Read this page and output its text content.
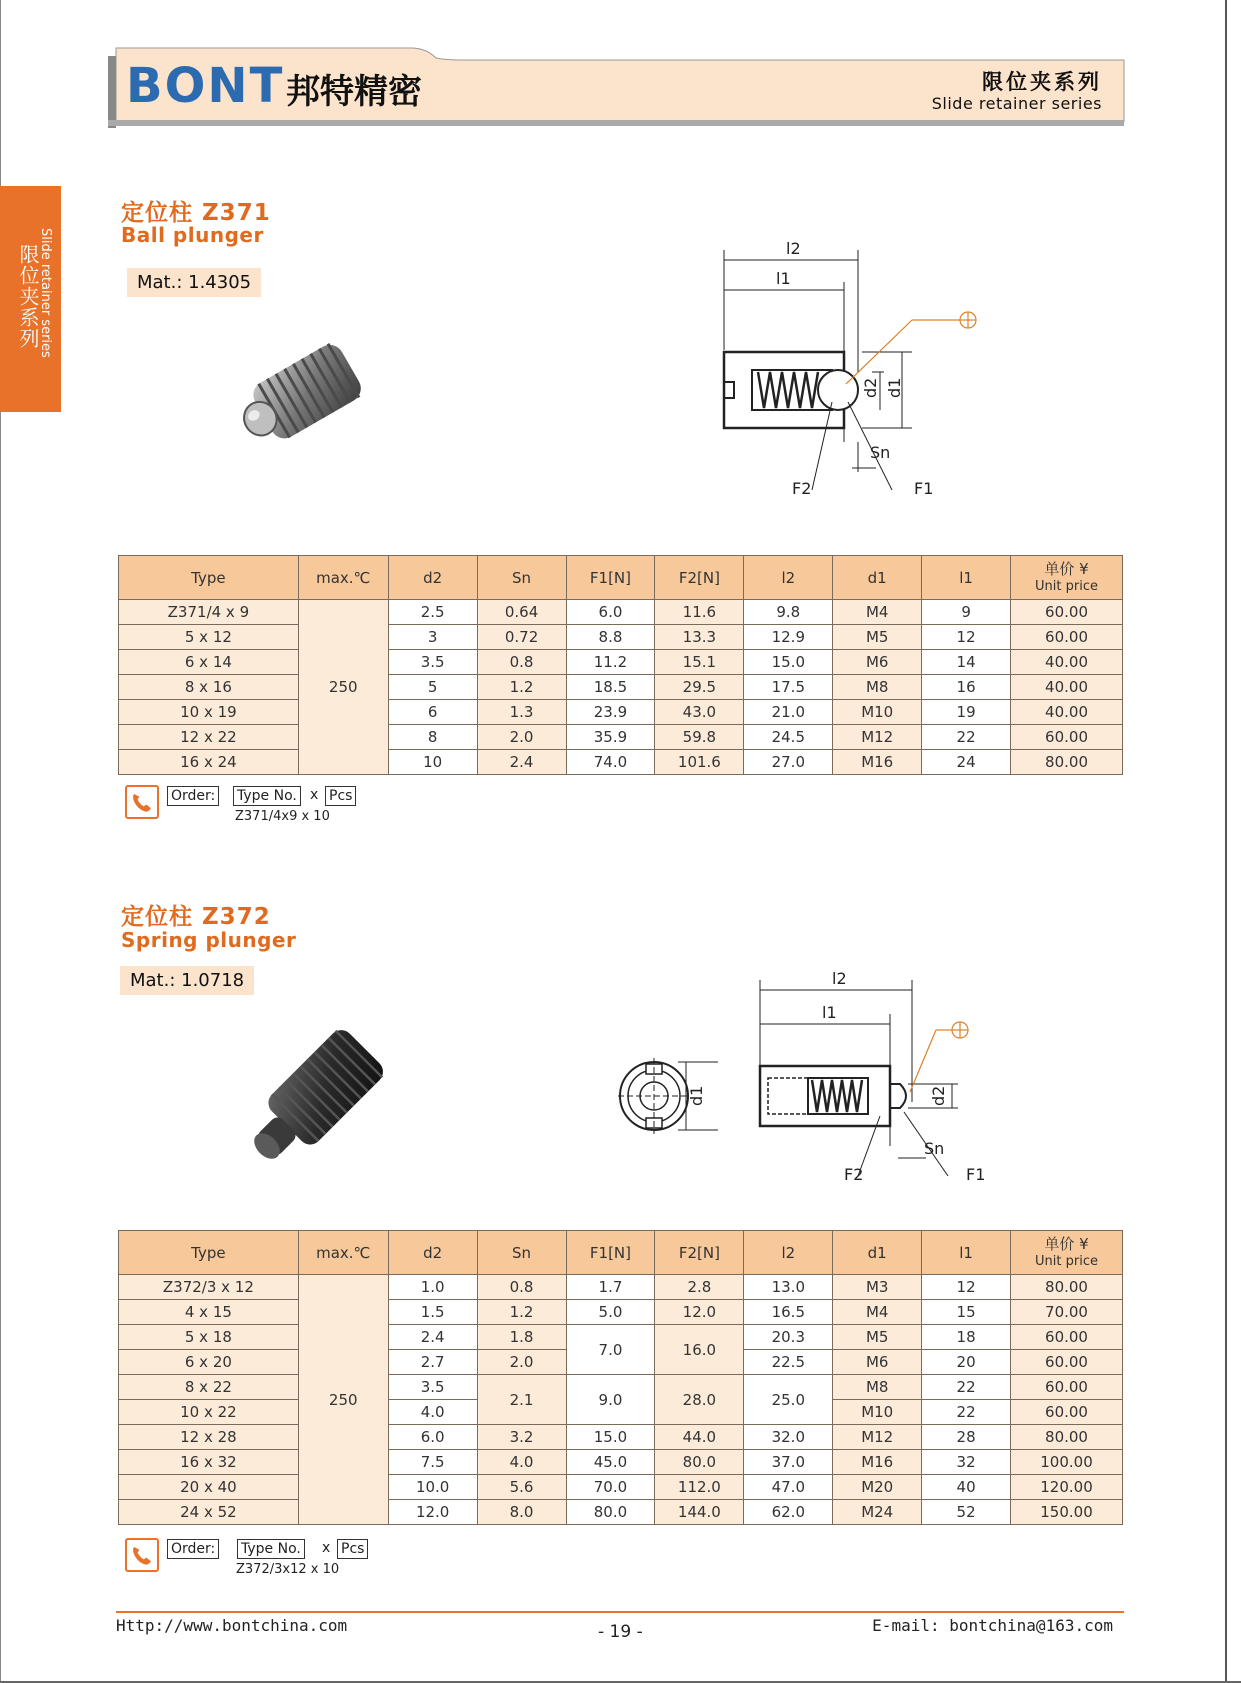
BONT 邦特精密	限位夹系列
Slide retainer series
限位夹系列
Slide retainer series
定位柱 Z371
Ball plunger
Mat.: 1.4305
l2
l1
d2 d1
Sn
F2	F1
Type	max.℃	d2	Sn	F1[N]	F2[N]	l2	d1	l1	单价 ¥
Unit price

Z371/4 x 9	250	2.5	0.64	6.0	11.6	9.8	M4	9	60.00
5 x 12		3	0.72	8.8	13.3	12.9	M5	12	60.00
6 x 14		3.5	0.8	11.2	15.1	15.0	M6	14	40.00
8 x 16		5	1.2	18.5	29.5	17.5	M8	16	40.00
10 x 19		6	1.3	23.9	43.0	21.0	M10	19	40.00
12 x 22		8	2.0	35.9	59.8	24.5	M12	22	60.00
16 x 24		10	2.4	74.0	101.6	27.0	M16	24	80.00
Order: Type No. x Pcs
Z371/4x9 x 10
定位柱 Z372
Spring plunger
Mat.: 1.0718	l2
l1
d1	d2
Sn
F2	F1
Type	max.℃	d2	Sn	F1[N]	F2[N]	l2	d1	l1	单价 ¥
Unit price

Z372/3 x 12	250	1.0	0.8	1.7	2.8	13.0	M3	12	80.00
4 x 15		1.5	1.2	5.0	12.0	16.5	M4	15	70.00
5 x 18		2.4	1.8	7.0	16.0	20.3	M5	18	60.00
6 x 20		2.7	2.0			22.5	M6	20	60.00
8 x 22		3.5	2.1	9.0	28.0	25.0	M8	22	60.00
10 x 22		4.0					M10	22	60.00
12 x 28		6.0	3.2	15.0	44.0	32.0	M12	28	80.00
16 x 32		7.5	4.0	45.0	80.0	37.0	M16	32	100.00
20 x 40		10.0	5.6	70.0	112.0	47.0	M20	40	120.00
24 x 52		12.0	8.0	80.0	144.0	62.0	M24	52	150.00
Order: Type No. x Pcs
Z372/3x12 x 10
Http://www.bontchina.com	- 19 -	E-mail: bontchina@163.com
